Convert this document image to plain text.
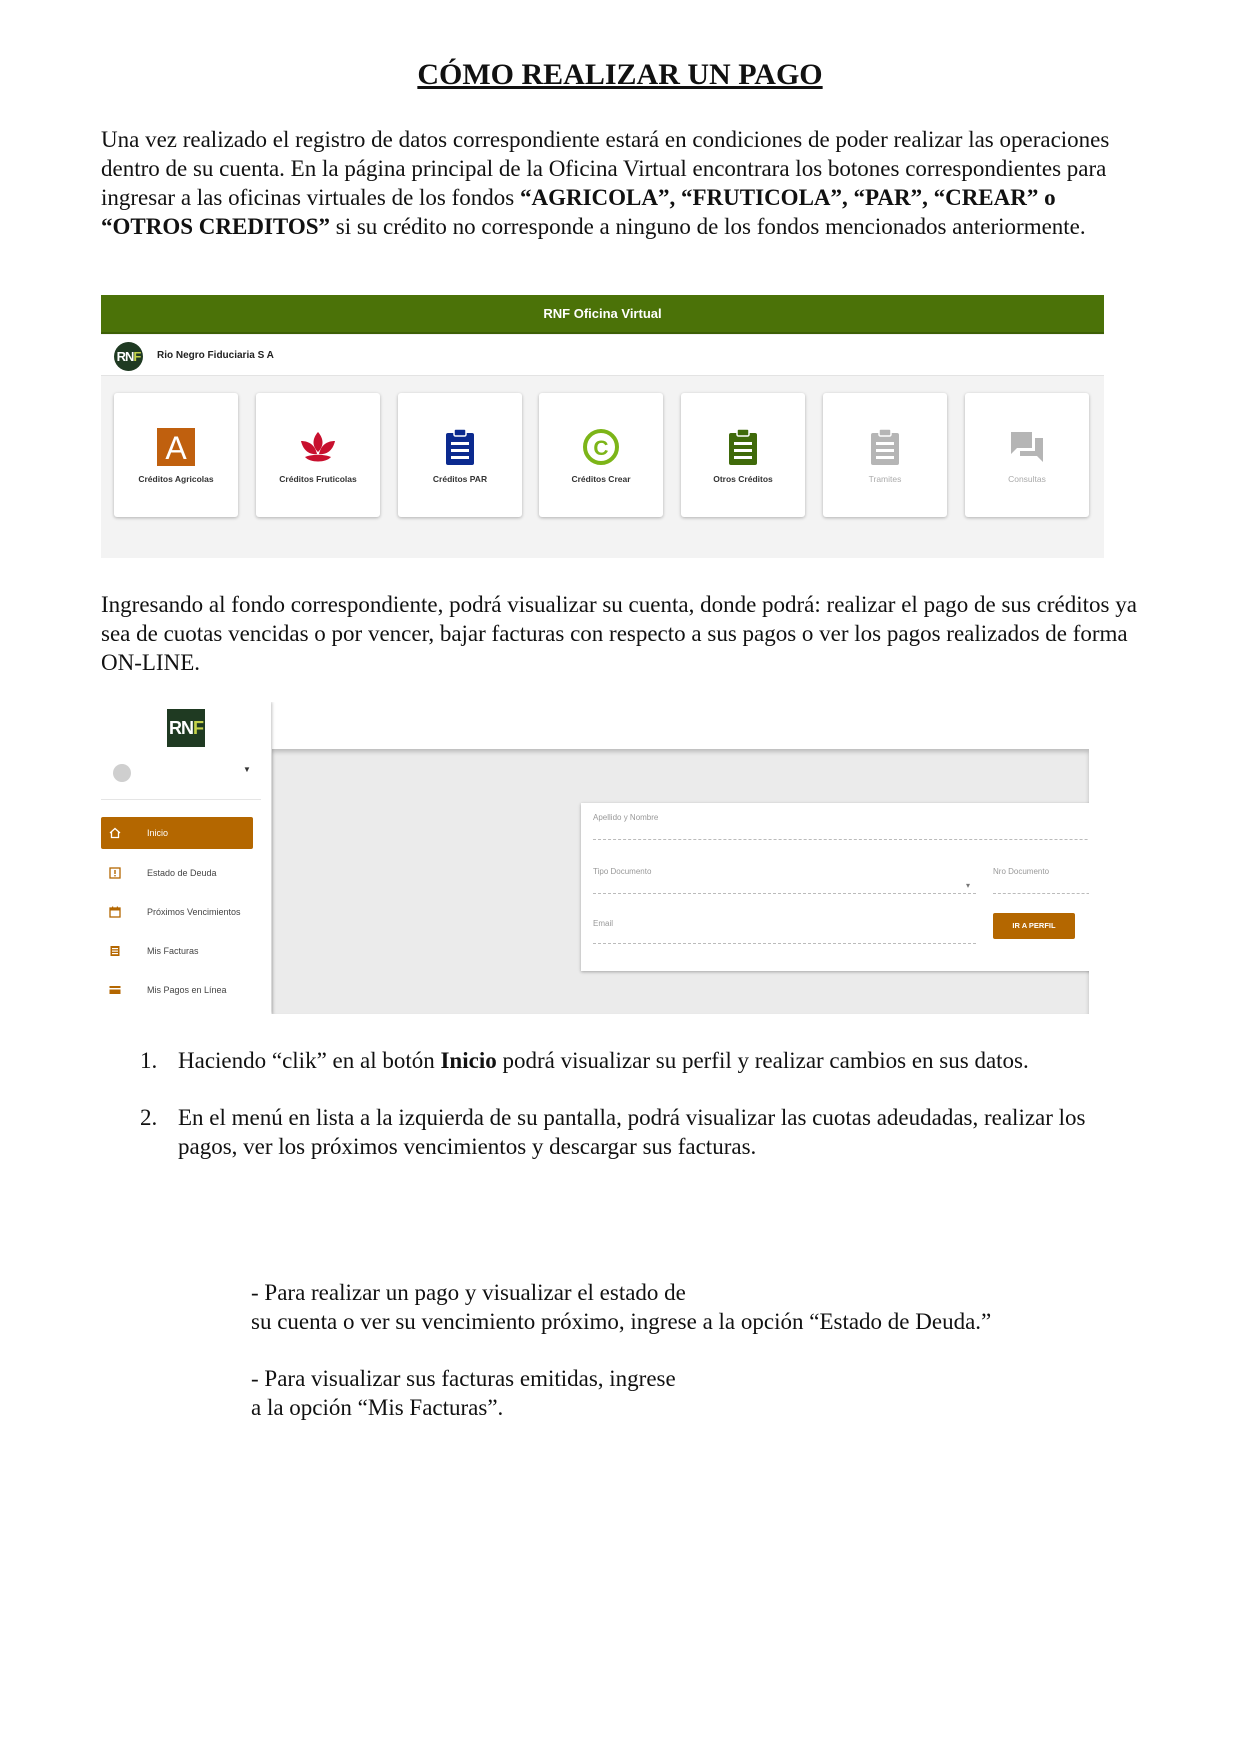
CÓMO REALIZAR UN PAGO

Una vez realizado el registro de datos correspondiente estará en condiciones de poder realizar las operaciones dentro de su cuenta. En la página principal de la Oficina Virtual encontrara los botones correspondientes para ingresar a las oficinas virtuales de los fondos “AGRICOLA”, “FRUTICOLA”, “PAR”, “CREAR” o “OTROS CREDITOS” si su crédito no corresponde a ninguno de los fondos mencionados anteriormente.

RNF Oficina Virtual
RNF Rio Negro Fiduciaria S A
A
Créditos Agricolas	Créditos Fruticolas	Créditos PAR
C
Créditos Crear	Otros Créditos	Tramites	Consultas

Ingresando al fondo correspondiente, podrá visualizar su cuenta, donde podrá: realizar el pago de sus créditos ya sea de cuotas vencidas o por vencer, bajar facturas con respecto a sus pagos o ver los pagos realizados de forma ON-LINE.

Apellido y Nombre
Tipo Documento
▾
Nro Documento
Email	IR A PERFIL
RNF
▼
Inicio
Estado de Deuda
Próximos Vencimientos
Mis Facturas
Mis Pagos en Línea
1. Haciendo “clik” en al botón Inicio podrá visualizar su perfil y realizar cambios en sus datos.
2. En el menú en lista a la izquierda de su pantalla, podrá visualizar las cuotas adeudadas, realizar los pagos, ver los próximos vencimientos y descargar sus facturas.
- Para realizar un pago y visualizar el estado de
su cuenta o ver su vencimiento próximo, ingrese a la opción “Estado de Deuda.”
- Para visualizar sus facturas emitidas, ingrese
a la opción “Mis Facturas”.
